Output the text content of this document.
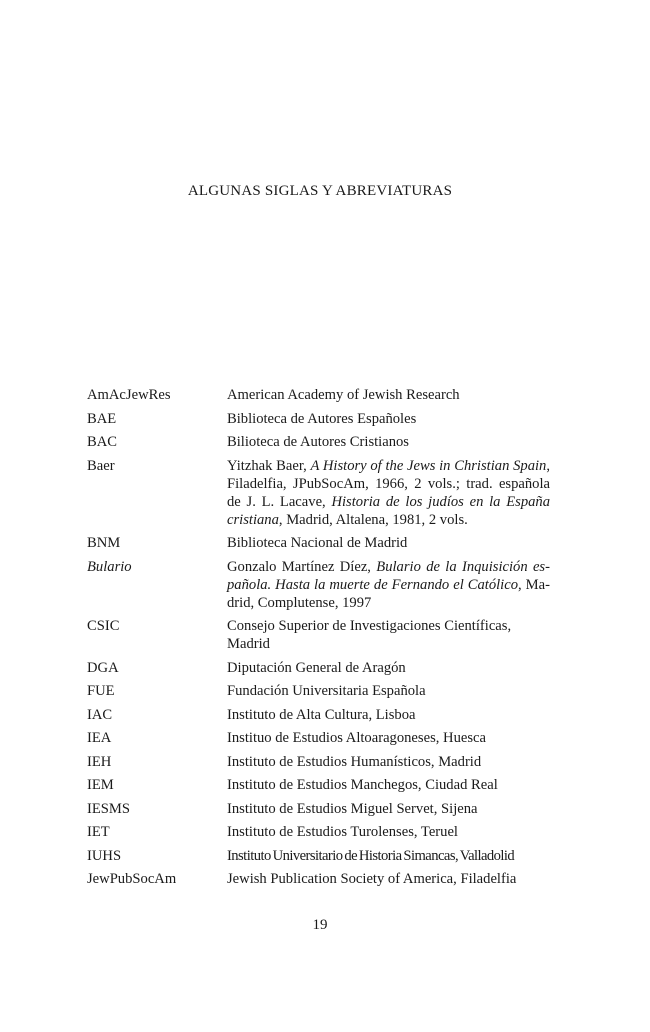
ALGUNAS SIGLAS Y ABREVIATURAS
AmAcJewRes	American Academy of Jewish Research
BAE	Biblioteca de Autores Españoles
BAC	Bilioteca de Autores Cristianos
Baer	Yitzhak Baer, A History of the Jews in Christian Spain, Filadelfia, JPubSocAm, 1966, 2 vols.; trad. española de J. L. Lacave, Historia de los judíos en la España cristiana, Madrid, Altalena, 1981, 2 vols.
BNM	Biblioteca Nacional de Madrid
Bulario	Gonzalo Martínez Díez, Bulario de la Inquisición española. Hasta la muerte de Fernando el Católico, Madrid, Complutense, 1997
CSIC	Consejo Superior de Investigaciones Científicas, Madrid
DGA	Diputación General de Aragón
FUE	Fundación Universitaria Española
IAC	Instituto de Alta Cultura, Lisboa
IEA	Instituo de Estudios Altoaragoneses, Huesca
IEH	Instituto de Estudios Humanísticos, Madrid
IEM	Instituto de Estudios Manchegos, Ciudad Real
IESMS	Instituto de Estudios Miguel Servet, Sijena
IET	Instituto de Estudios Turolenses, Teruel
IUHS	Instituto Universitario de Historia Simancas, Valladolid
JewPubSocAm	Jewish Publication Society of America, Filadelfia
19
